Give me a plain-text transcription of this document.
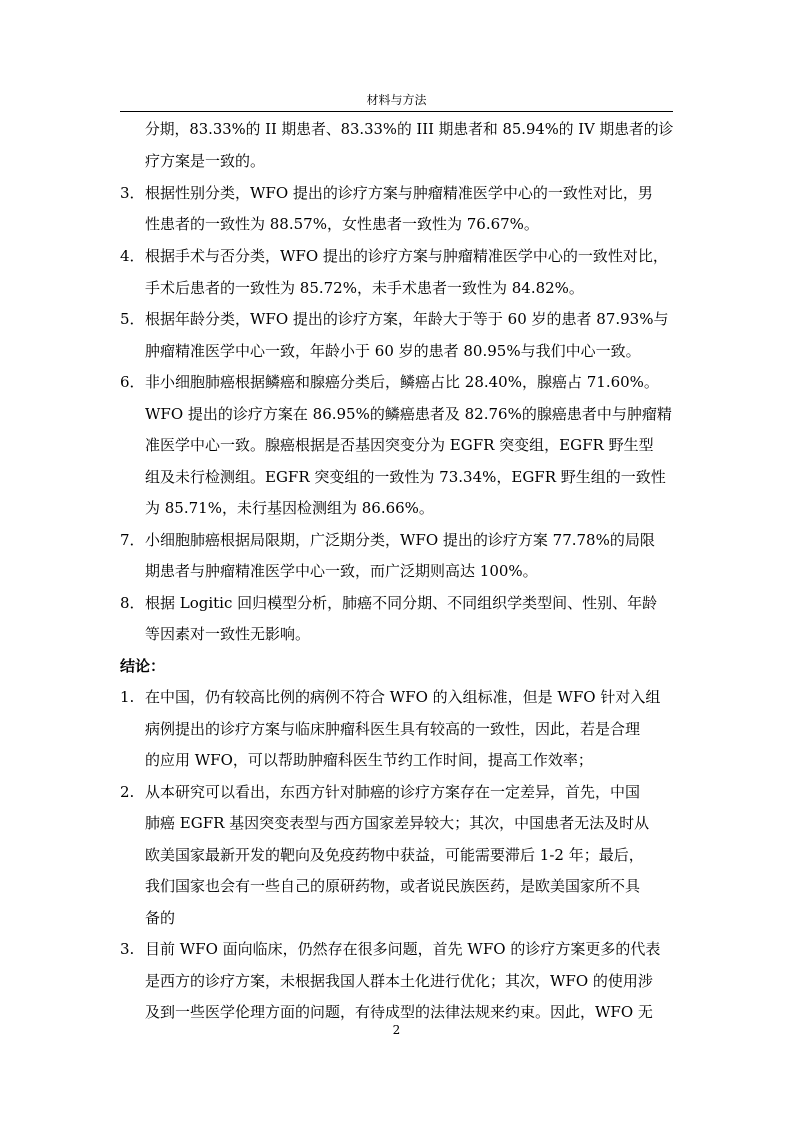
材料与方法
分期，83.33%的 II 期患者、83.33%的 III 期患者和 85.94%的 IV 期患者的诊
疗方案是一致的。
3． 根据性别分类，WFO 提出的诊疗方案与肿瘤精准医学中心的一致性对比，男
性患者的一致性为 88.57%，女性患者一致性为 76.67%。
4． 根据手术与否分类，WFO 提出的诊疗方案与肿瘤精准医学中心的一致性对比，
手术后患者的一致性为 85.72%，未手术患者一致性为 84.82%。
5． 根据年龄分类，WFO 提出的诊疗方案，年龄大于等于 60 岁的患者 87.93%与
肿瘤精准医学中心一致，年龄小于 60 岁的患者 80.95%与我们中心一致。
6． 非小细胞肺癌根据鳞癌和腺癌分类后，鳞癌占比 28.40%，腺癌占 71.60%。
WFO 提出的诊疗方案在 86.95%的鳞癌患者及 82.76%的腺癌患者中与肿瘤精
准医学中心一致。腺癌根据是否基因突变分为 EGFR 突变组，EGFR 野生型
组及未行检测组。EGFR 突变组的一致性为 73.34%，EGFR 野生组的一致性
为 85.71%，未行基因检测组为 86.66%。
7． 小细胞肺癌根据局限期，广泛期分类，WFO 提出的诊疗方案 77.78%的局限
期患者与肿瘤精准医学中心一致，而广泛期则高达 100%。
8． 根据 Logitic 回归模型分析，肺癌不同分期、不同组织学类型间、性别、年龄
等因素对一致性无影响。
结论：
1. 在中国，仍有较高比例的病例不符合 WFO 的入组标准，但是 WFO 针对入组
病例提出的诊疗方案与临床肿瘤科医生具有较高的一致性，因此，若是合理
的应用 WFO，可以帮助肿瘤科医生节约工作时间，提高工作效率；
2. 从本研究可以看出，东西方针对肺癌的诊疗方案存在一定差异，首先，中国
肺癌 EGFR 基因突变表型与西方国家差异较大；其次，中国患者无法及时从
欧美国家最新开发的靶向及免疫药物中获益，可能需要滞后 1-2 年；最后，
我们国家也会有一些自己的原研药物，或者说民族医药，是欧美国家所不具
备的
3. 目前 WFO 面向临床，仍然存在很多问题，首先 WFO 的诊疗方案更多的代表
是西方的诊疗方案，未根据我国人群本土化进行优化；其次，WFO 的使用涉
及到一些医学伦理方面的问题，有待成型的法律法规来约束。因此，WFO 无
2
